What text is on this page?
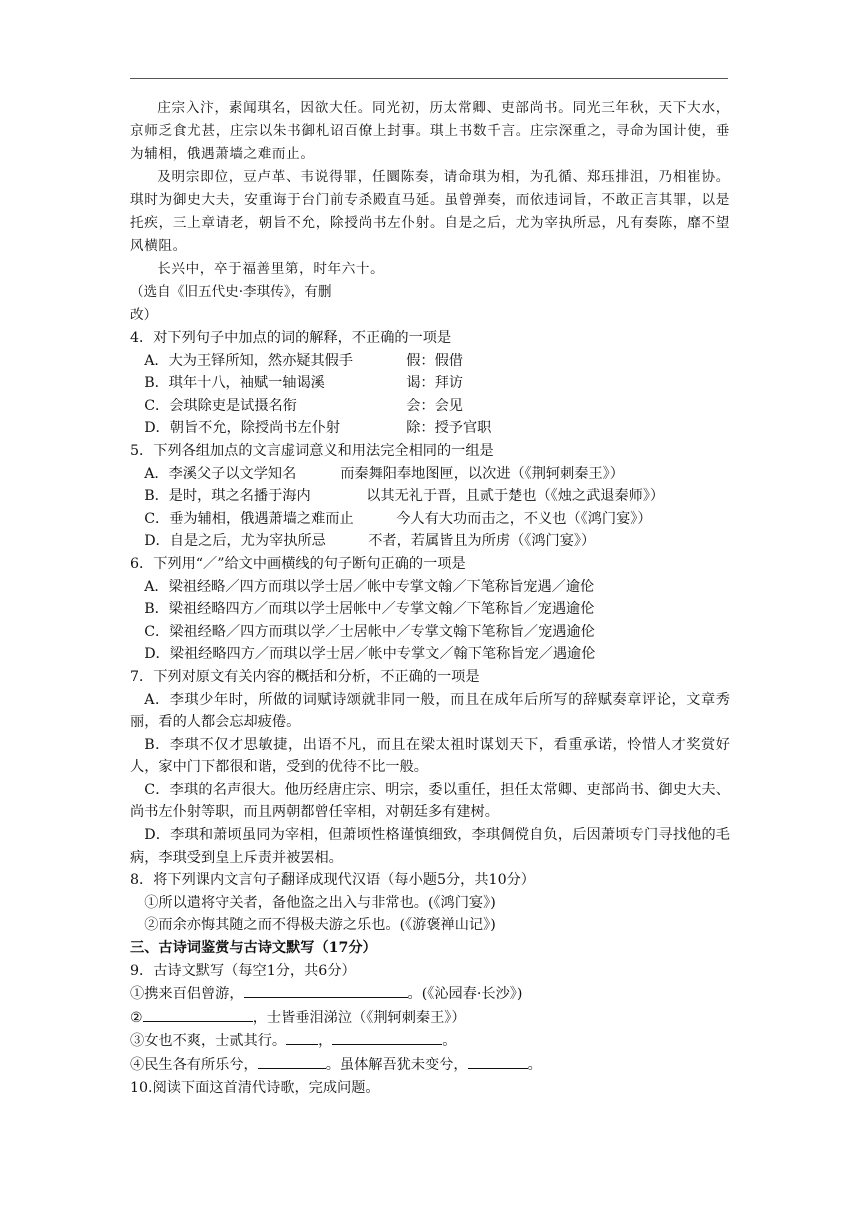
庄宗入汴，素闻琪名，因欲大任。同光初，历太常卿、吏部尚书。同光三年秋，天下大水，京师乏食尤甚，庄宗以朱书御札诏百僚上封事。琪上书数千言。庄宗深重之，寻命为国计使，垂为辅相，俄遇萧墙之难而止。

及明宗即位，豆卢革、韦说得罪，任圜陈奏，请命琪为相，为孔循、郑珏排沮，乃相崔协。琪时为御史大夫，安重诲于台门前专杀殿直马延。虽曾弹奏，而依违词旨，不敢正言其罪，以是托疾，三上章请老，朝旨不允，除授尚书左仆射。自是之后，尤为宰执所忌，凡有奏陈，靡不望风横阻。

长兴中，卒于福善里第，时年六十。

（选自《旧五代史·李琪传》，有删
改）

4．对下列句子中加点的词的解释，不正确的一项是

A．大为王铎所知，然亦疑其假手	假：假借

B．琪年十八，袖赋一轴谒溪	谒：拜访

C．会琪除吏是试摄名衔	会：会见

D．朝旨不允，除授尚书左仆射	除：授予官职

5．下列各组加点的文言虚词意义和用法完全相同的一组是

A．李溪父子以文学知名	而秦舞阳奉地图匣，以次进（《荆轲刺秦王》）

B．是时，琪之名播于海内	以其无礼于晋，且贰于楚也（《烛之武退秦师》）

C．垂为辅相，俄遇萧墙之难而止	今人有大功而击之，不义也（《鸿门宴》）

D．自是之后，尤为宰执所忌	不者，若属皆且为所虏（《鸿门宴》）

6．下列用“／”给文中画横线的句子断句正确的一项是

A．梁祖经略／四方而琪以学士居／帐中专掌文翰／下笔称旨宠遇／逾伦

B．梁祖经略四方／而琪以学士居帐中／专掌文翰／下笔称旨／宠遇逾伦

C．梁祖经略／四方而琪以学／士居帐中／专掌文翰下笔称旨／宠遇逾伦

D．梁祖经略四方／而琪以学士居／帐中专掌文／翰下笔称旨宠／遇逾伦

7．下列对原文有关内容的概括和分析，不正确的一项是

A．李琪少年时，所做的词赋诗颂就非同一般，而且在成年后所写的辞赋奏章评论，文章秀丽，看的人都会忘却疲倦。

B．李琪不仅才思敏捷，出语不凡，而且在梁太祖时谋划天下，看重承诺，怜惜人才奖赏好人，家中门下都很和谐，受到的优待不比一般。

C．李琪的名声很大。他历经唐庄宗、明宗，委以重任，担任太常卿、吏部尚书、御史大夫、尚书左仆射等职，而且两朝都曾任宰相，对朝廷多有建树。

D．李琪和萧顷虽同为宰相，但萧顷性格谨慎细致，李琪倜傥自负，后因萧顷专门寻找他的毛病，李琪受到皇上斥责并被罢相。

8．将下列课内文言句子翻译成现代汉语（每小题5分，共10分）

①所以遣将守关者，备他盗之出入与非常也。(《鸿门宴》)

②而余亦悔其随之而不得极夫游之乐也。(《游褒禅山记》)

三、古诗词鉴赏与古诗文默写（17分）

9．古诗文默写（每空1分，共6分）

①携来百侣曾游，	。(《沁园春·长沙》)

②	，士皆垂泪涕泣（《荆轲刺秦王》）

③女也不爽，士贰其行。 ，	。

④民生各有所乐兮，	。虽体解吾犹未变兮，	。

10.阅读下面这首清代诗歌，完成问题。
